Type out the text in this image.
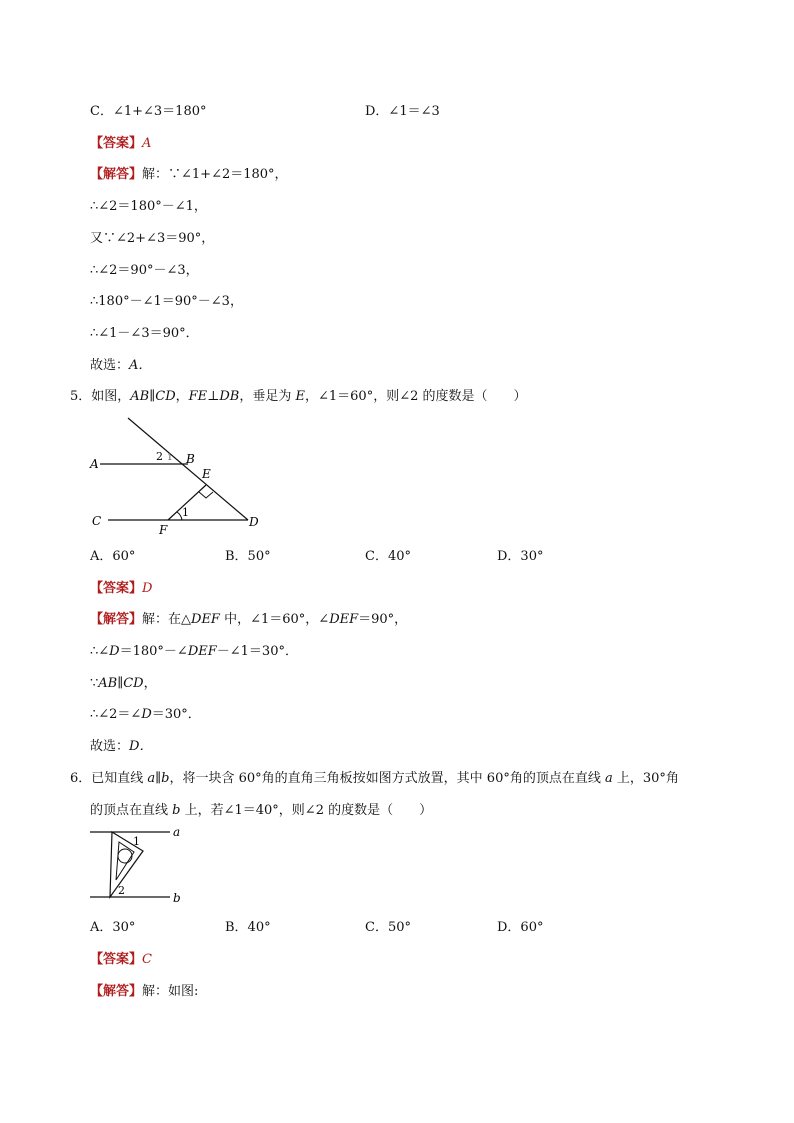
C．∠1+∠3＝180°	D．∠1＝∠3
【答案】A
【解答】解：∵∠1+∠2＝180°，
∴∠2＝180°－∠1，
又∵∠2+∠3＝90°，
∴∠2＝90°－∠3，
∴180°－∠1＝90°－∠3，
∴∠1－∠3＝90°．
故选：A．
5．如图，AB∥CD，FE⊥DB，垂足为 E，∠1＝60°，则∠2 的度数是（　　）
A	B
C	D
E
F
1
2 1
A．60°	B．50°	C．40°	D．30°
【答案】D
【解答】解：在△DEF 中，∠1＝60°，∠DEF＝90°，
∴∠D＝180°－∠DEF－∠1＝30°．
∵AB∥CD，
∴∠2＝∠D＝30°．
故选：D．
6．已知直线 a∥b，将一块含 60°角的直角三角板按如图方式放置，其中 60°角的顶点在直线 a 上，30°角
的顶点在直线 b 上，若∠1＝40°，则∠2 的度数是（　　）
a
b
1
2
A．30°	B．40°	C．50°	D．60°
【答案】C
【解答】解：如图:
